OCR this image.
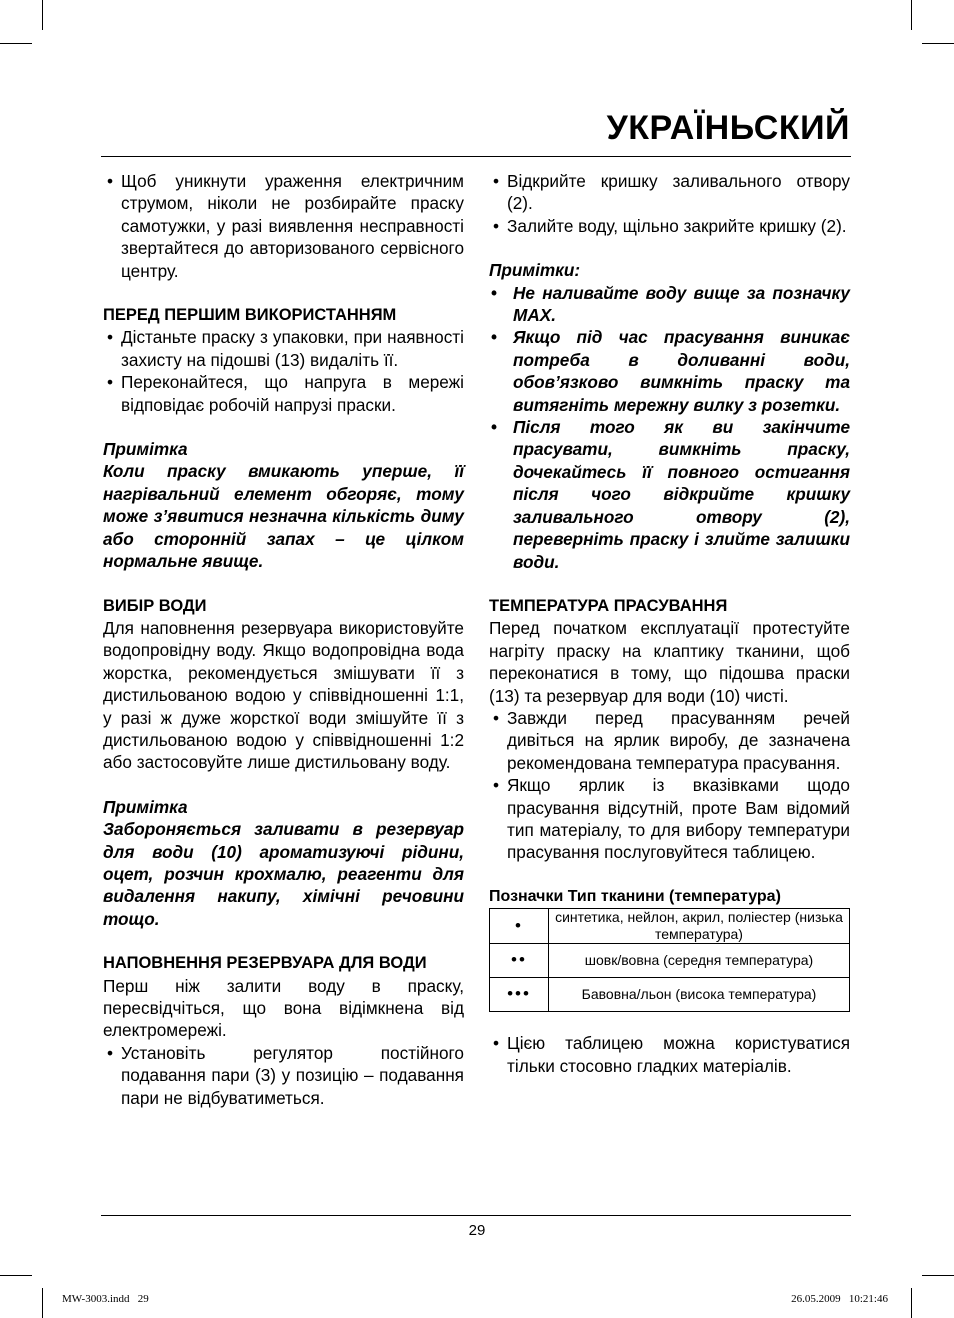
УКРАЇНЬСКИЙ
• Щоб уникнути ураження електричним струмом, ніколи не розбирайте праску самотужки, у разі виявлення несправності звертайтеся до авторизованого сервісного центру.
ПЕРЕД ПЕРШИМ ВИКОРИСТАННЯМ
• Дістаньте праску з упаковки, при наявності захисту на підошві (13) видаліть її.
• Переконайтеся, що напруга в мережі відповідає робочій напрузі праски.
Примітка
Коли праску вмикають уперше, її нагрівальний елемент обгоряє, тому може з’явитися незначна кількість диму або сторонній запах – це цілком нормальне явище.
ВИБІР ВОДИ

Для наповнення резервуара використовуйте водопровідну воду. Якщо водопровідна вода жорстка, рекомендується змішувати її з дистильованою водою у співвідношенні 1:1, у разі ж дуже жорсткої води змішуйте її з дистильованою водою у співвідношенні 1:2 або застосовуйте лише дистильовану воду.

Примітка
Забороняється заливати в резервуар для води (10) ароматизуючі рідини, оцет, розчин крохмалю, реагенти для видалення накипу, хімічні речовини тощо.
НАПОВНЕННЯ РЕЗЕРВУАРА ДЛЯ ВОДИ

Перш ніж залити воду в праску, пересвідчіться, що вона відімкнена від електромережі.

• Установіть регулятор постійного подавання пари (3) у позицію – подавання пари не відбуватиметься.
• Відкрийте кришку заливального отвору (2).
• Залийте воду, щільно закрийте кришку (2).
Примітки:
• Не наливайте воду вище за позначку MAX.
• Якщо під час прасування виникає потреба в доливанні води, обов’язково вимкніть праску та витягніть мережну вилку з розетки.
• Після того як ви закінчите прасувати, вимкніть праску, дочекайтесь її повного остигання після чого відкрийте кришку заливального отвору (2), переверніть праску і злийте залишки води.
ТЕМПЕРАТУРА ПРАСУВАННЯ

Перед початком експлуатації протестуйте нагріту праску на клаптику тканини, щоб переконатися в тому, що підошва праски (13) та резервуар для води (10) чисті.

• Завжди перед прасуванням речей дивіться на ярлик виробу, де зазначена рекомендована температура прасування.
• Якщо ярлик із вказівками щодо прасування відсутній, проте Вам відомий тип матеріалу, то для вибору температури прасування послуговуйтеся таблицею.
Позначки Тип тканини (температура)
•	синтетика, нейлон, акрил, поліестер (низька температура)
••	шовк/вовна (середня температура)
•••	Бавовна/льон (висока температура)
• Цією таблицею можна користуватися тільки стосовно гладких матеріалів.
29
MW-3003.indd   29	26.05.2009   10:21:46
